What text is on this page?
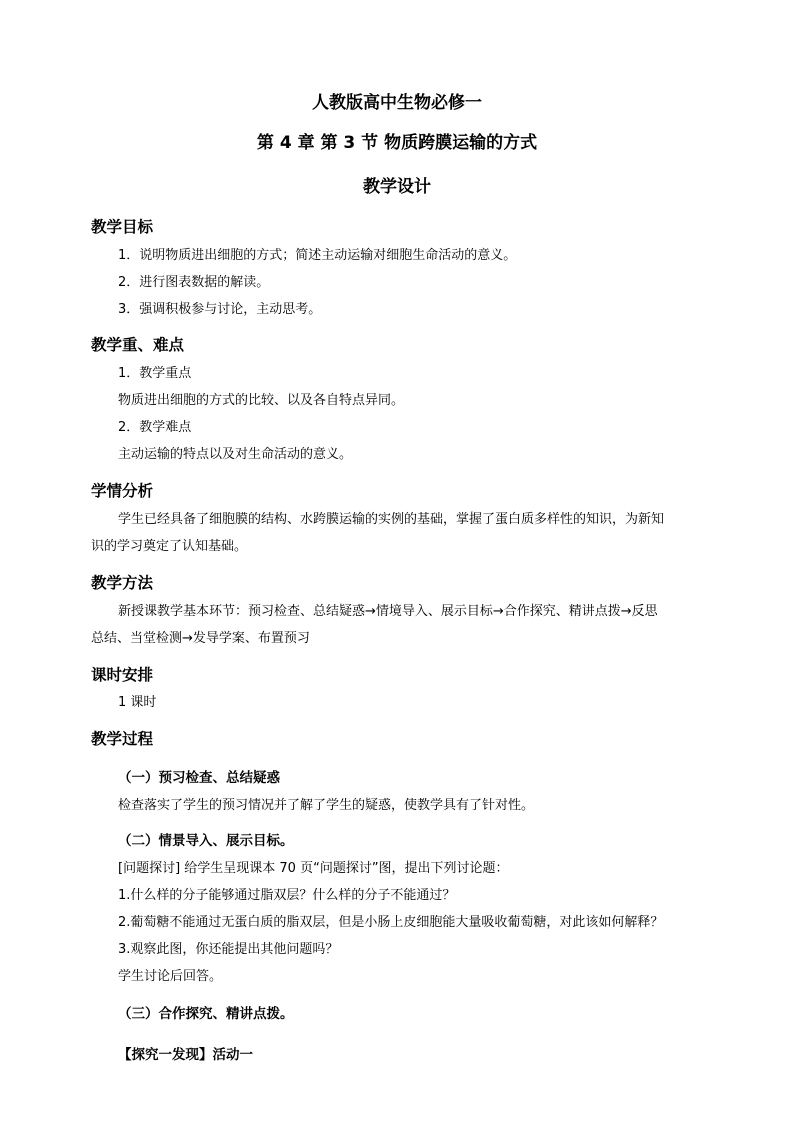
人教版高中生物必修一
第 4 章 第 3 节 物质跨膜运输的方式
教学设计
教学目标
1．说明物质进出细胞的方式；简述主动运输对细胞生命活动的意义。
2．进行图表数据的解读。
3．强调积极参与讨论，主动思考。
教学重、难点
1．教学重点
物质进出细胞的方式的比较、以及各自特点异同。
2．教学难点
主动运输的特点以及对生命活动的意义。
学情分析
学生已经具备了细胞膜的结构、水跨膜运输的实例的基础，掌握了蛋白质多样性的知识，为新知
识的学习奠定了认知基础。
教学方法
新授课教学基本环节：预习检查、总结疑惑→情境导入、展示目标→合作探究、精讲点拨→反思
总结、当堂检测→发导学案、布置预习
课时安排
1 课时
教学过程
（一）预习检查、总结疑惑
检查落实了学生的预习情况并了解了学生的疑惑，使教学具有了针对性。
（二）情景导入、展示目标。
[问题探讨] 给学生呈现课本 70 页“问题探讨”图，提出下列讨论题：
1.什么样的分子能够通过脂双层？什么样的分子不能通过？
2.葡萄糖不能通过无蛋白质的脂双层，但是小肠上皮细胞能大量吸收葡萄糖，对此该如何解释？
3.观察此图，你还能提出其他问题吗？
学生讨论后回答。
（三）合作探究、精讲点拨。
【探究一发现】活动一
